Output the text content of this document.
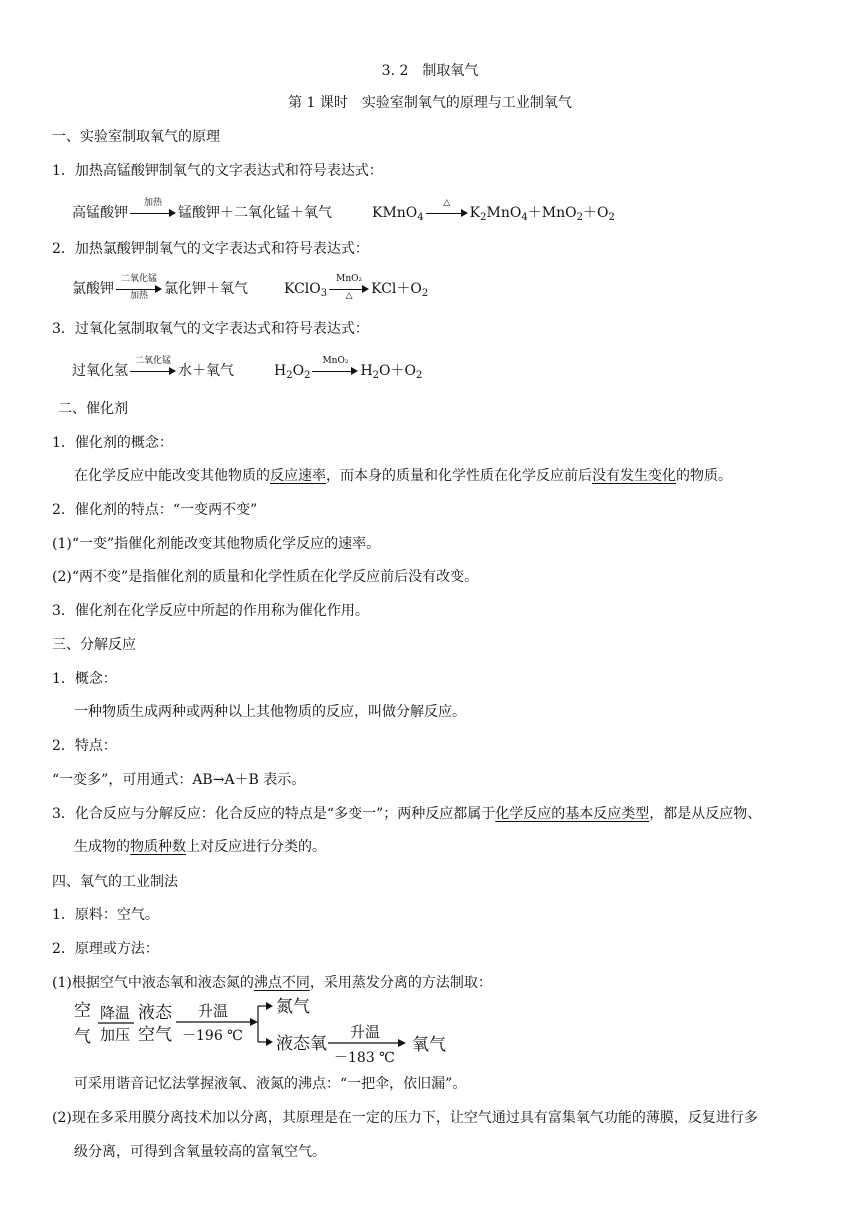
3. 2　制取氧气
第 1 课时　实验室制氧气的原理与工业制氧气
一、实验室制取氧气的原理
1．加热高锰酸钾制氧气的文字表达式和符号表达式：
高锰酸钾
加热
锰酸钾＋二氧化锰＋氧气	KMnO$_4$
△
$K_2MnO_4+MnO_2+O_2$
2．加热氯酸钾制氧气的文字表达式和符号表达式：
氯酸钾
二氧化锰
加热	氯化钾＋氧气	KClO$_3$
MnO₂
△	$KCl+O_2$
3．过氧化氢制取氧气的文字表达式和符号表达式：
过氧化氢
二氧化锰
水＋氧气	$H_2O_2$
MnO₂
$H_2O+O_2$
二、催化剂
1．催化剂的概念：
在化学反应中能改变其他物质的反应速率，而本身的质量和化学性质在化学反应前后没有发生变化的物质。
2．催化剂的特点：“一变两不变”
(1)“一变”指催化剂能改变其他物质化学反应的速率。
(2)“两不变”是指催化剂的质量和化学性质在化学反应前后没有改变。
3．催化剂在化学反应中所起的作用称为催化作用。
三、分解反应
1．概念：
一种物质生成两种或两种以上其他物质的反应，叫做分解反应。
2．特点：
“一变多”，可用通式：AB→A＋B 表示。
3．化合反应与分解反应：化合反应的特点是“多变一”；两种反应都属于化学反应的基本反应类型，都是从反应物、
生成物的物质种数上对反应进行分类的。
四、氧气的工业制法
1．原料：空气。
2．原理或方法：
(1)根据空气中液态氧和液态氮的沸点不同，采用蒸发分离的方法制取：
空
气
降温
加压
液态
空气
升温
－196 ℃
氮气
液态氧
升温
－183 ℃
氧气
可采用谐音记忆法掌握液氧、液氮的沸点：“一把伞，依旧漏”。
(2)现在多采用膜分离技术加以分离，其原理是在一定的压力下，让空气通过具有富集氧气功能的薄膜，反复进行多
级分离，可得到含氧量较高的富氧空气。
